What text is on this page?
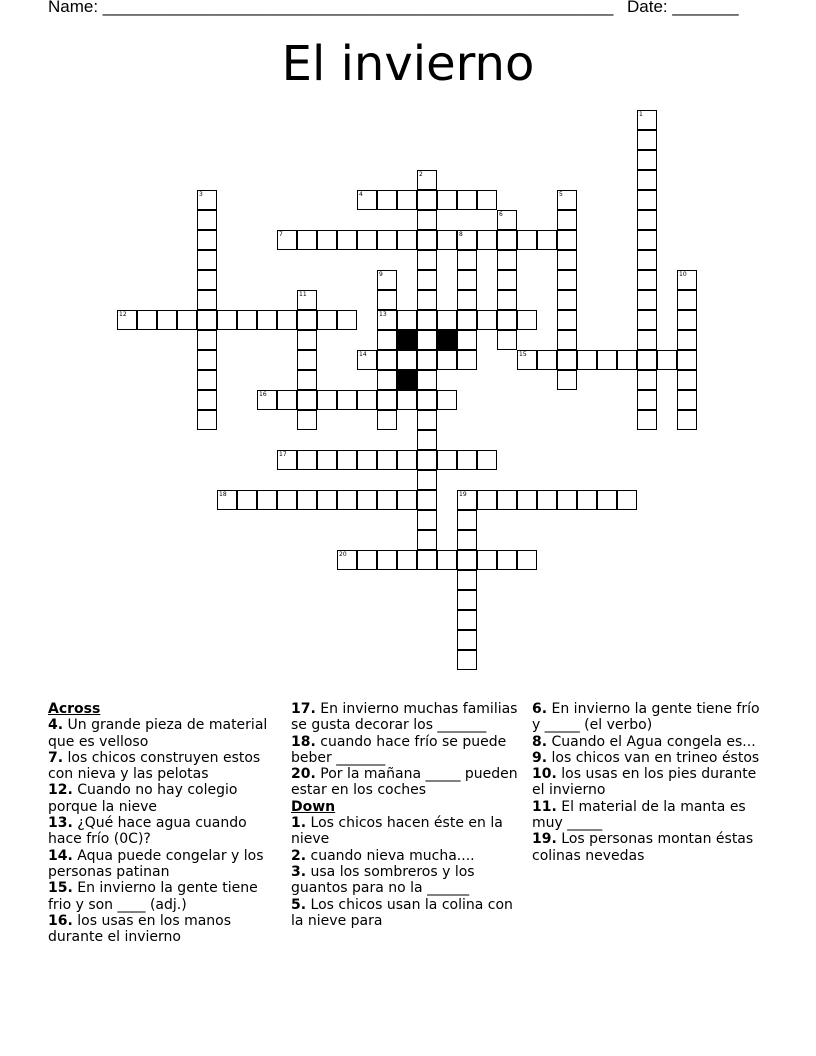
Name: ______________________________________________________ Date: _______
El invierno
1
2
3	4	5
6
7	8
9
13
10
11
12
14	15
16
17
18	19
20
Across
4. Un grande pieza de material que es velloso
7. los chicos construyen estos con nieva y las pelotas
12. Cuando no hay colegio porque la nieve
13. ¿Qué hace agua cuando hace frío (0C)?
14. Aqua puede congelar y los personas patinan
15. En invierno la gente tiene frio y son ____ (adj.)
16. los usas en los manos durante el invierno
17. En invierno muchas familias se gusta decorar los _______
18. cuando hace frío se puede beber _______
20. Por la mañana _____ pueden estar en los coches
Down
1. Los chicos hacen éste en la nieve
2. cuando nieva mucha....
3. usa los sombreros y los guantos para no la ______
5. Los chicos usan la colina con la nieve para
6. En invierno la gente tiene frío y _____ (el verbo)
8. Cuando el Agua congela es...
9. los chicos van en trineo éstos
10. los usas en los pies durante el invierno
11. El material de la manta es muy _____
19. Los personas montan éstas colinas nevedas
